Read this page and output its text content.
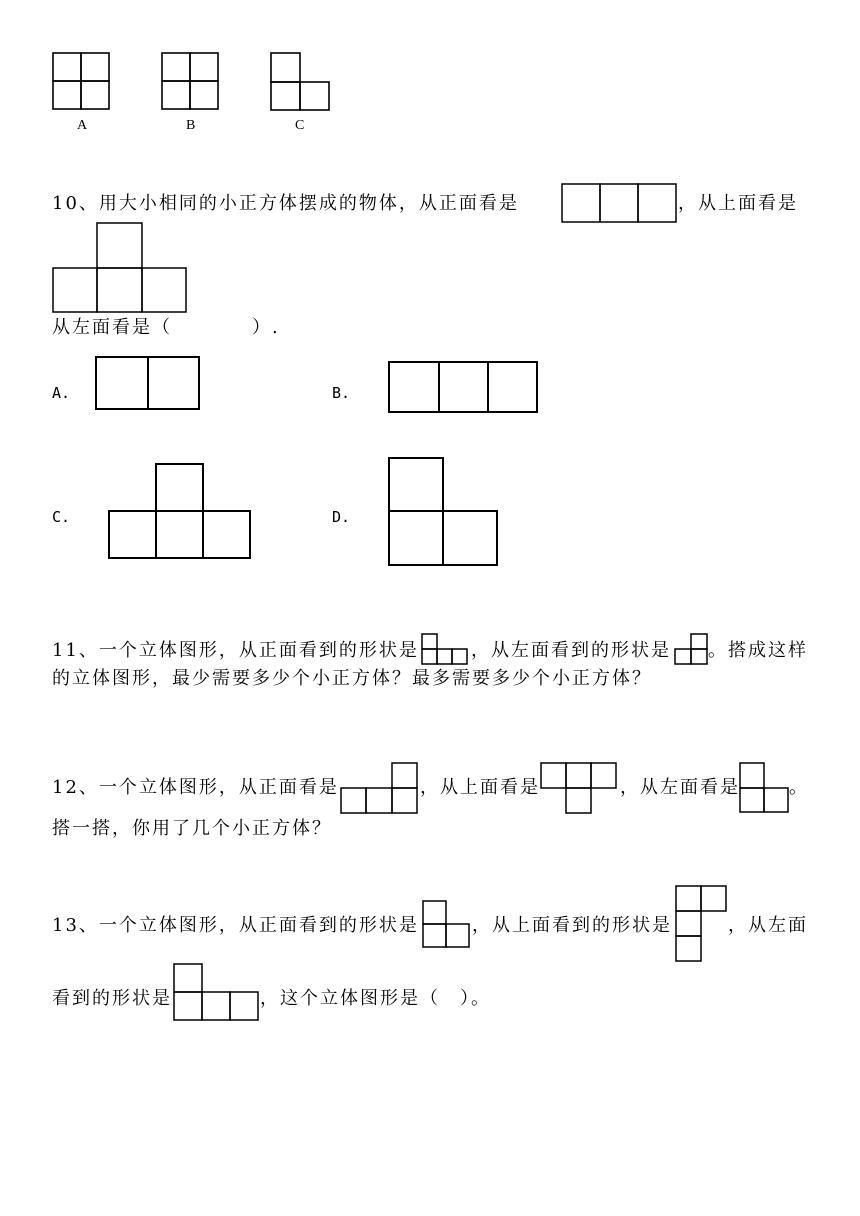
A	B	C
10、用大小相同的小正方体摆成的物体，从正面看是	，从上面看是
从左面看是（　　　　）.
A.	B.
C.	D.
11、一个立体图形，从正面看到的形状是	，从左面看到的形状是 。搭成这样
的立体图形，最少需要多少个小正方体？最多需要多少个小正方体？
12、一个立体图形，从正面看是	，从上面看是	，从左面看是	。
搭一搭，你用了几个小正方体？
13、一个立体图形，从正面看到的形状是	，从上面看到的形状是	，从左面
看到的形状是	，这个立体图形是（　）。
